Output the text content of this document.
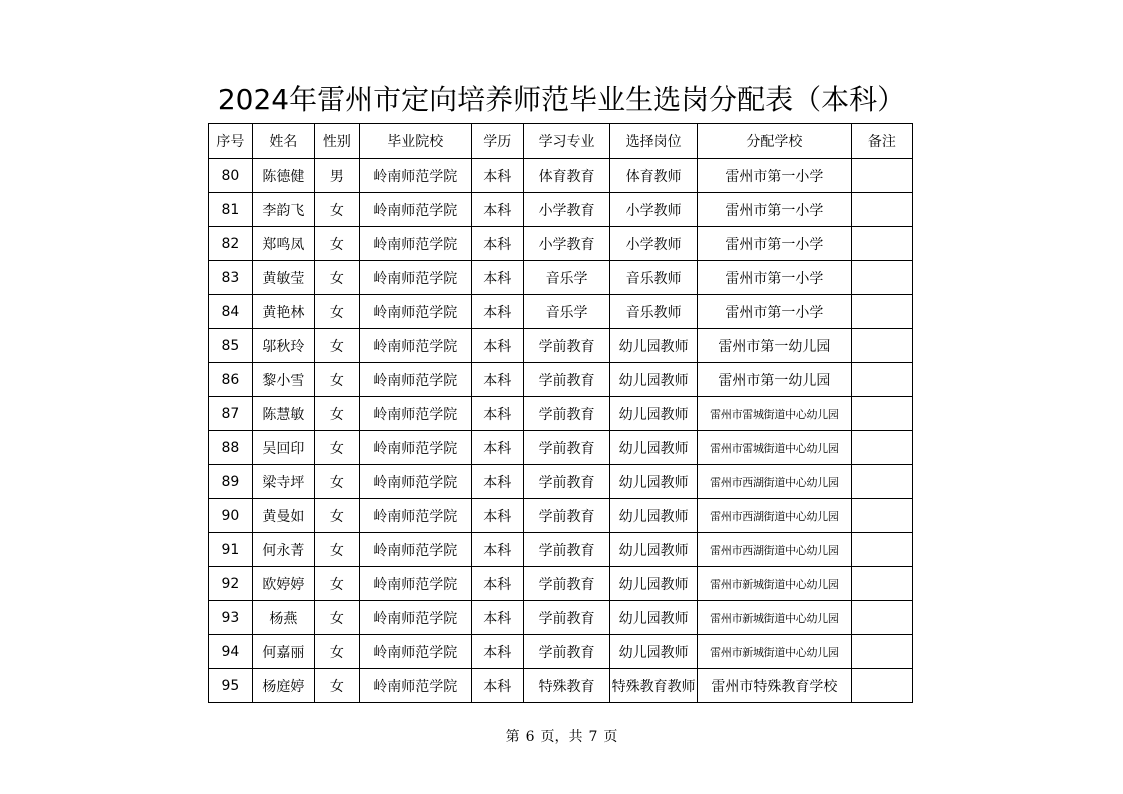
2024年雷州市定向培养师范毕业生选岗分配表（本科）
序号	姓名	性别	毕业院校	学历	学习专业	选择岗位	分配学校	备注
80	陈德健	男	岭南师范学院	本科	体育教育	体育教师	雷州市第一小学	
81	李韵飞	女	岭南师范学院	本科	小学教育	小学教师	雷州市第一小学	
82	郑鸣凤	女	岭南师范学院	本科	小学教育	小学教师	雷州市第一小学	
83	黄敏莹	女	岭南师范学院	本科	音乐学	音乐教师	雷州市第一小学	
84	黄艳林	女	岭南师范学院	本科	音乐学	音乐教师	雷州市第一小学	
85	邬秋玲	女	岭南师范学院	本科	学前教育	幼儿园教师	雷州市第一幼儿园	
86	黎小雪	女	岭南师范学院	本科	学前教育	幼儿园教师	雷州市第一幼儿园	
87	陈慧敏	女	岭南师范学院	本科	学前教育	幼儿园教师	雷州市雷城街道中心幼儿园	
88	吴回印	女	岭南师范学院	本科	学前教育	幼儿园教师	雷州市雷城街道中心幼儿园	
89	梁寺坪	女	岭南师范学院	本科	学前教育	幼儿园教师	雷州市西湖街道中心幼儿园	
90	黄曼如	女	岭南师范学院	本科	学前教育	幼儿园教师	雷州市西湖街道中心幼儿园	
91	何永菁	女	岭南师范学院	本科	学前教育	幼儿园教师	雷州市西湖街道中心幼儿园	
92	欧婷婷	女	岭南师范学院	本科	学前教育	幼儿园教师	雷州市新城街道中心幼儿园	
93	杨燕	女	岭南师范学院	本科	学前教育	幼儿园教师	雷州市新城街道中心幼儿园	
94	何嘉丽	女	岭南师范学院	本科	学前教育	幼儿园教师	雷州市新城街道中心幼儿园	
95	杨庭婷	女	岭南师范学院	本科	特殊教育	特殊教育教师	雷州市特殊教育学校	
第 6 页，共 7 页
